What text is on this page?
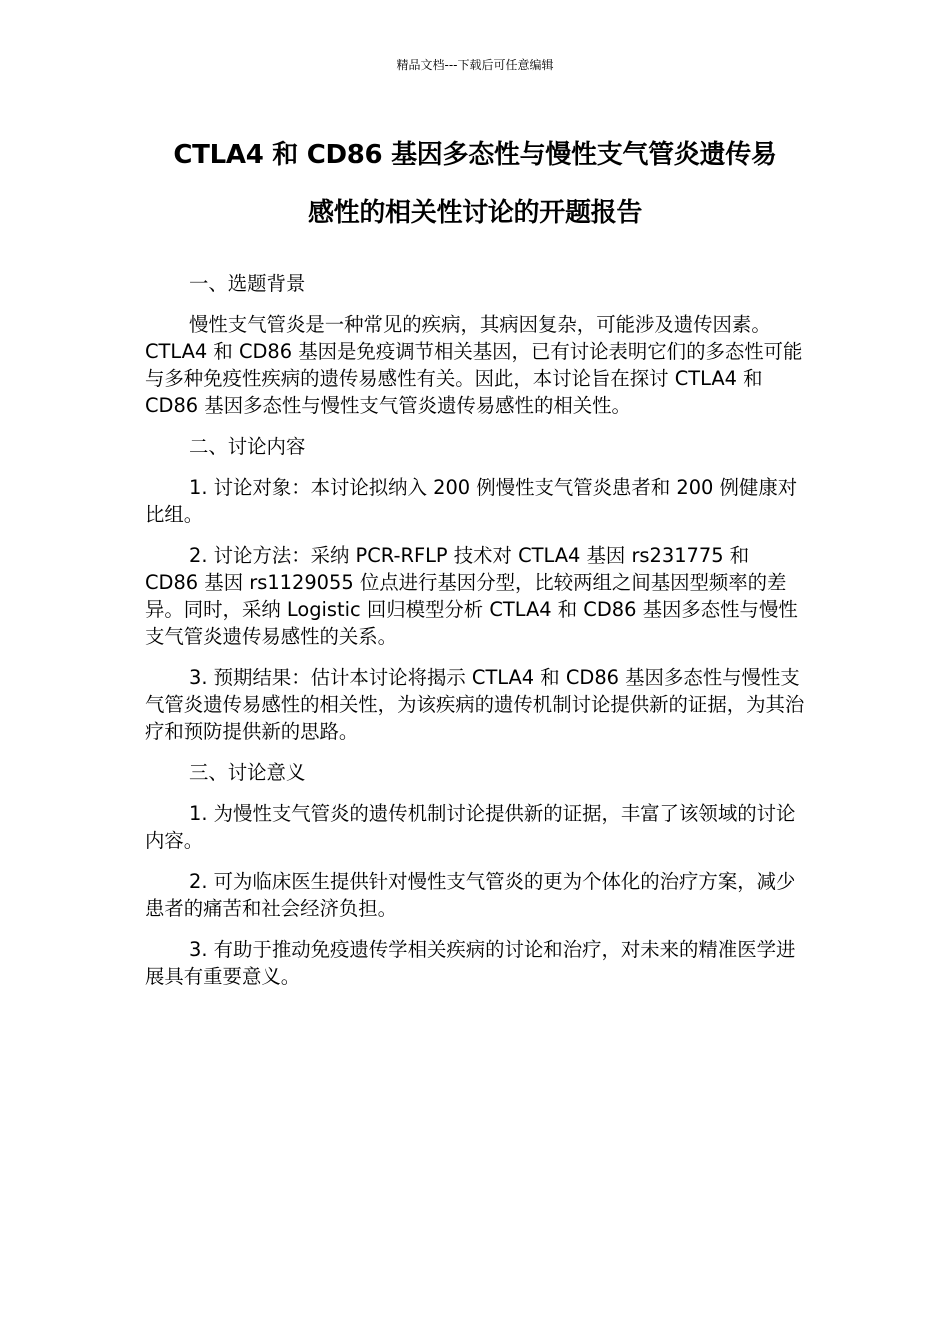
精品文档---下载后可任意编辑
CTLA4 和 CD86 基因多态性与慢性支气管炎遗传易
感性的相关性讨论的开题报告

一、选题背景

慢性支气管炎是一种常见的疾病，其病因复杂，可能涉及遗传因素。CTLA4 和 CD86 基因是免疫调节相关基因，已有讨论表明它们的多态性可能与多种免疫性疾病的遗传易感性有关。因此，本讨论旨在探讨 CTLA4 和 CD86 基因多态性与慢性支气管炎遗传易感性的相关性。

二、讨论内容

1. 讨论对象：本讨论拟纳入 200 例慢性支气管炎患者和 200 例健康对比组。

2. 讨论方法：采纳 PCR-RFLP 技术对 CTLA4 基因 rs231775 和 CD86 基因 rs1129055 位点进行基因分型，比较两组之间基因型频率的差异。同时，采纳 Logistic 回归模型分析 CTLA4 和 CD86 基因多态性与慢性支气管炎遗传易感性的关系。

3. 预期结果：估计本讨论将揭示 CTLA4 和 CD86 基因多态性与慢性支气管炎遗传易感性的相关性，为该疾病的遗传机制讨论提供新的证据，为其治疗和预防提供新的思路。

三、讨论意义

1. 为慢性支气管炎的遗传机制讨论提供新的证据，丰富了该领域的讨论内容。

2. 可为临床医生提供针对慢性支气管炎的更为个体化的治疗方案，减少患者的痛苦和社会经济负担。

3. 有助于推动免疫遗传学相关疾病的讨论和治疗，对未来的精准医学进展具有重要意义。
